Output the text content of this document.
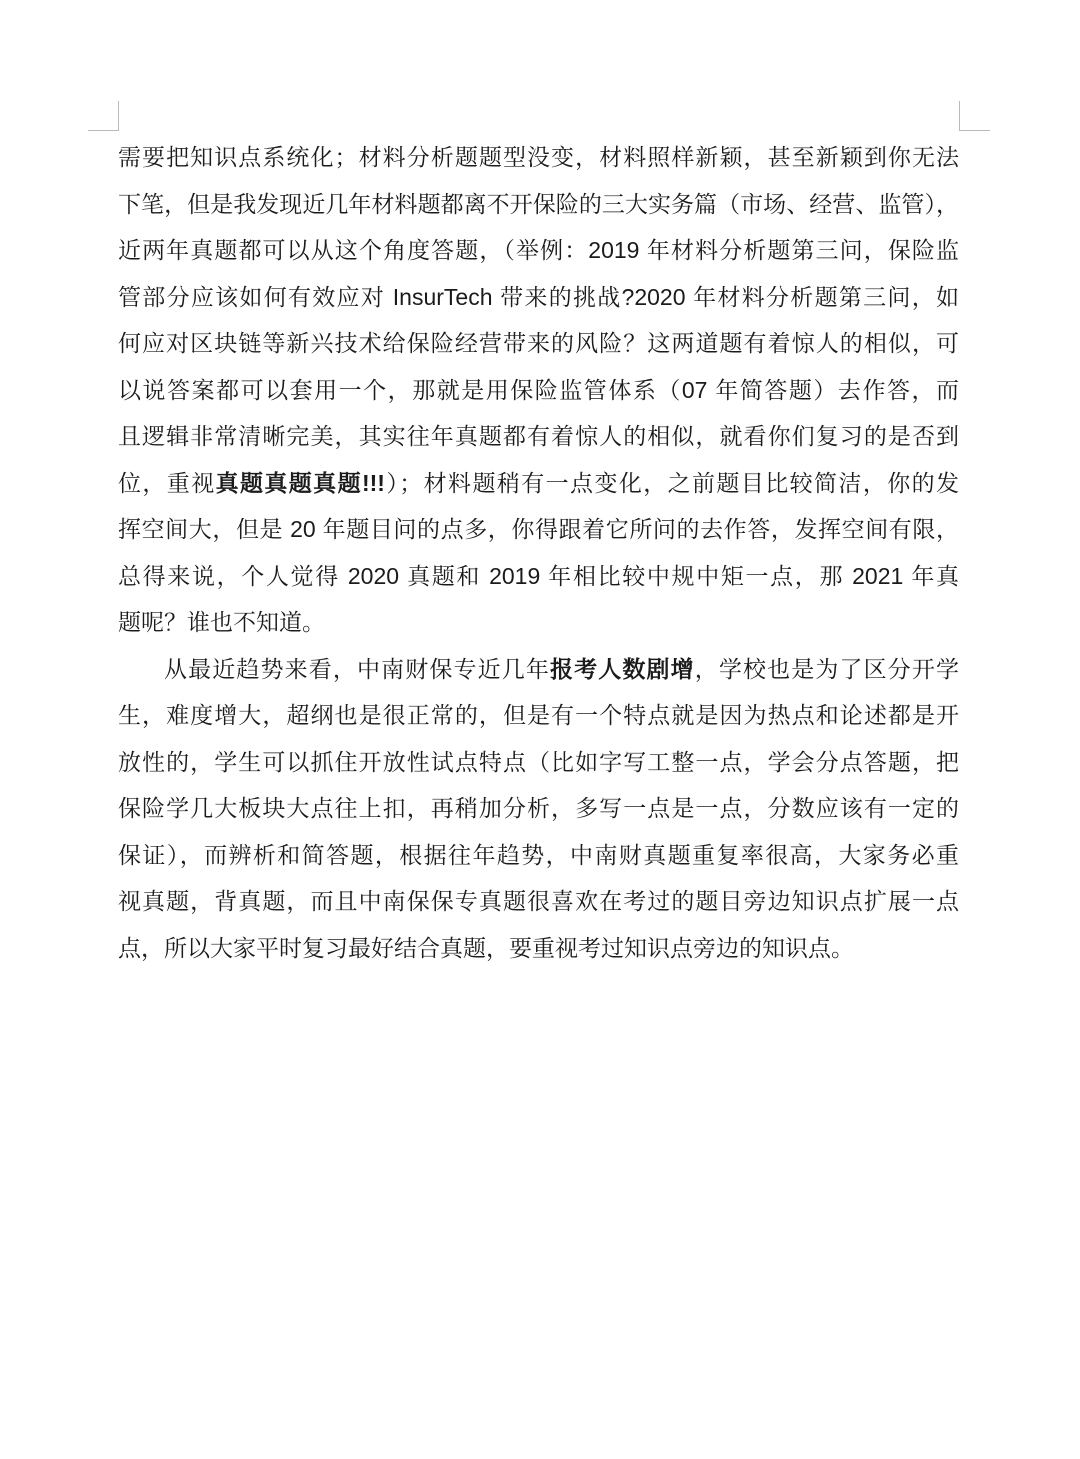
需要把知识点系统化；材料分析题题型没变，材料照样新颖，甚至新颖到你无法
下笔，但是我发现近几年材料题都离不开保险的三大实务篇（市场、经营、监管），
近两年真题都可以从这个角度答题，（举例：2019 年材料分析题第三问，保险监
管部分应该如何有效应对 InsurTech 带来的挑战?2020 年材料分析题第三问，如
何应对区块链等新兴技术给保险经营带来的风险？这两道题有着惊人的相似，可
以说答案都可以套用一个，那就是用保险监管体系（07 年简答题）去作答，而
且逻辑非常清晰完美，其实往年真题都有着惊人的相似，就看你们复习的是否到
位，重视真题真题真题!!!）；材料题稍有一点变化，之前题目比较简洁，你的发
挥空间大，但是 20 年题目问的点多，你得跟着它所问的去作答，发挥空间有限，
总得来说，个人觉得 2020 真题和 2019 年相比较中规中矩一点，那 2021 年真
题呢？谁也不知道。
从最近趋势来看，中南财保专近几年报考人数剧增，学校也是为了区分开学
生，难度增大，超纲也是很正常的，但是有一个特点就是因为热点和论述都是开
放性的，学生可以抓住开放性试点特点（比如字写工整一点，学会分点答题，把
保险学几大板块大点往上扣，再稍加分析，多写一点是一点，分数应该有一定的
保证），而辨析和简答题，根据往年趋势，中南财真题重复率很高，大家务必重
视真题，背真题，而且中南保保专真题很喜欢在考过的题目旁边知识点扩展一点
点，所以大家平时复习最好结合真题，要重视考过知识点旁边的知识点。
